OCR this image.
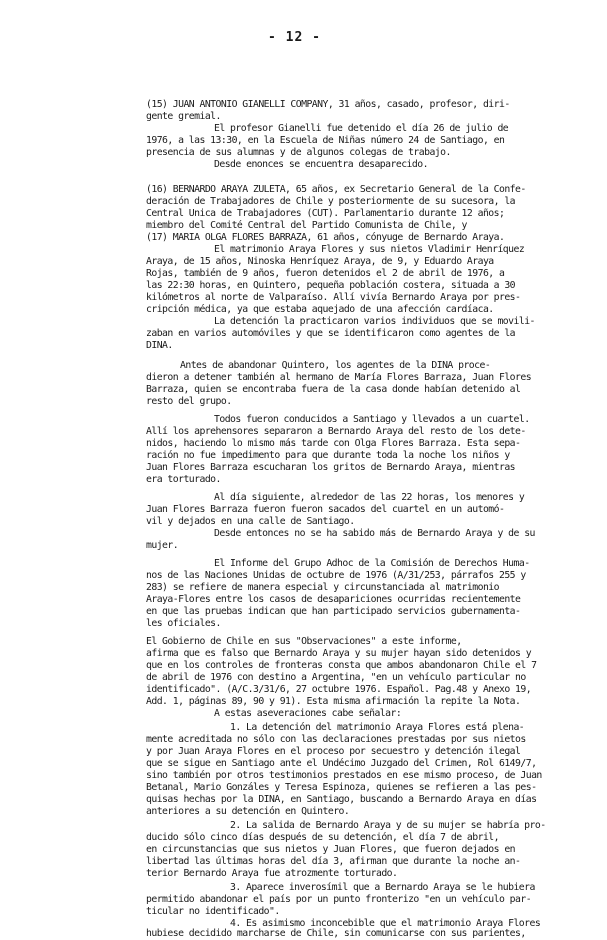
- 12 -
(15) JUAN ANTONIO GIANELLI COMPANY, 31 años, casado, profesor, diri-
gente gremial.
El profesor Gianelli fue detenido el día 26 de julio de
1976, a las 13:30, en la Escuela de Niñas número 24 de Santiago, en
presencia de sus alumnas y de algunos colegas de trabajo.
Desde enonces se encuentra desaparecido.
(16) BERNARDO ARAYA ZULETA, 65 años, ex Secretario General de la Confe-
deración de Trabajadores de Chile y posteriormente de su sucesora, la
Central Unica de Trabajadores (CUT). Parlamentario durante 12 años;
miembro del Comité Central del Partido Comunista de Chile, y
(17) MARIA OLGA FLORES BARRAZA, 61 años, cónyuge de Bernardo Araya.
El matrimonio Araya Flores y sus nietos Vladimir Henríquez
Araya, de 15 años, Ninoska Henríquez Araya, de 9, y Eduardo Araya
Rojas, también de 9 años, fueron detenidos el 2 de abril de 1976, a
las 22:30 horas, en Quintero, pequeña población costera, situada a 30
kilómetros al norte de Valparaíso. Allí vivía Bernardo Araya por pres-
cripción médica, ya que estaba aquejado de una afección cardíaca.
La detención la practicaron varios individuos que se movili-
zaban en varios automóviles y que se identificaron como agentes de la
DINA.
Antes de abandonar Quintero, los agentes de la DINA proce-
dieron a detener también al hermano de María Flores Barraza, Juan Flores
Barraza, quien se encontraba fuera de la casa donde habían detenido al
resto del grupo.
Todos fueron conducidos a Santiago y llevados a un cuartel.
Allí los aprehensores separaron a Bernardo Araya del resto de los dete-
nidos, haciendo lo mismo más tarde con Olga Flores Barraza. Esta sepa-
ración no fue impedimento para que durante toda la noche los niños y
Juan Flores Barraza escucharan los gritos de Bernardo Araya, mientras
era torturado.
Al día siguiente, alrededor de las 22 horas, los menores y
Juan Flores Barraza fueron fueron sacados del cuartel en un automó-
vil y dejados en una calle de Santiago.
Desde entonces no se ha sabido más de Bernardo Araya y de su
mujer.
El Informe del Grupo Adhoc de la Comisión de Derechos Huma-
nos de las Naciones Unidas de octubre de 1976 (A/31/253, párrafos 255 y
283) se refiere de manera especial y circunstanciada al matrimonio
Araya-Flores entre los casos de desapariciones ocurridas recientemente
en que las pruebas indican que han participado servicios gubernamenta-
les oficiales.
El Gobierno de Chile en sus "Observaciones" a este informe,
afirma que es falso que Bernardo Araya y su mujer hayan sido detenidos y
que en los controles de fronteras consta que ambos abandonaron Chile el 7
de abril de 1976 con destino a Argentina, "en un vehículo particular no
identificado". (A/C.3/31/6, 27 octubre 1976. Español. Pag.48 y Anexo 19,
Add. 1, páginas 89, 90 y 91). Esta misma afirmación la repite la Nota.
A estas aseveraciones cabe señalar:
1. La detención del matrimonio Araya Flores está plena-
mente acreditada no sólo con las declaraciones prestadas por sus nietos
y por Juan Araya Flores en el proceso por secuestro y detención ilegal
que se sigue en Santiago ante el Undécimo Juzgado del Crimen, Rol 6149/7,
sino también por otros testimonios prestados en ese mismo proceso, de Juan
Betanal, Mario Gonzáles y Teresa Espinoza, quienes se refieren a las pes-
quisas hechas por la DINA, en Santiago, buscando a Bernardo Araya en días
anteriores a su detención en Quintero.
2. La salida de Bernardo Araya y de su mujer se habría pro-
ducido sólo cinco días después de su detención, el día 7 de abril,
en circunstancias que sus nietos y Juan Flores, que fueron dejados en
libertad las últimas horas del día 3, afirman que durante la noche an-
terior Bernardo Araya fue atrozmente torturado.
3. Aparece inverosímil que a Bernardo Araya se le hubiera
permitido abandonar el país por un punto fronterizo "en un vehículo par-
ticular no identificado".
4. Es asimismo inconcebible que el matrimonio Araya Flores
hubiese decidido marcharse de Chile, sin comunicarse con sus parientes,
